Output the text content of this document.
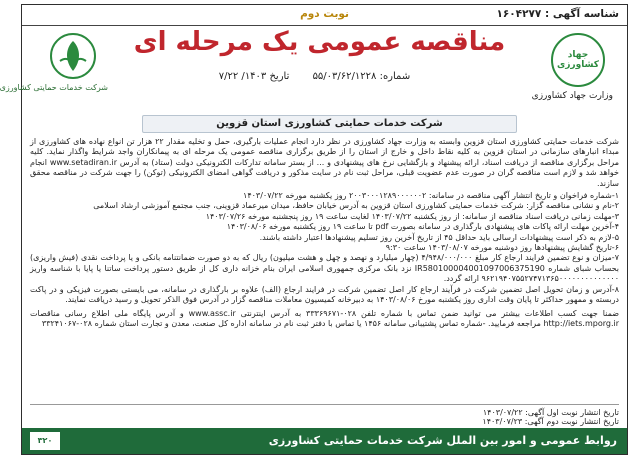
شناسه آگهی : ۱۶۰۴۲۷۷
نوبت دوم
جهاد کشاورزی
وزارت جهاد کشاورزی
مناقصه عمومی یک مرحله ای
شماره: ۵۵/۰۳/۶۲/۱۲۲۸ تاریخ ۱۴۰۳/ ۷/۲۲
شرکت خدمات حمایتی کشاورزی
شرکت خدمات حمایتی کشاورزی استان قزوین

شرکت خدمات حمایتی کشاورزی استان قزوین وابسته به وزارت جهاد کشاورزی در نظر دارد انجام عملیات بارگیری، حمل و تخلیه مقدار ۲۲ هزار تن انواع نهاده های کشاورزی از مبداء انبارهای سازمانی در استان قزوین به کلیه نقاط داخل و خارج از استان را از طریق برگزاری مناقصه عمومی یک مرحله ای به پیمانکاران واجد شرایط واگذار نماید. کلیه مراحل برگزاری مناقصه از دریافت اسناد، ارائه پیشنهاد و بازگشایی نرخ های پیشنهادی و ... از بستر سامانه تدارکات الکترونیکی دولت (ستاد) به آدرس www.setadiran.ir انجام خواهد شد و لازم است مناقصه گران در صورت عدم عضویت قبلی، مراحل ثبت نام در سایت مذکور و دریافت گواهی امضای الکترونیکی (توکن) را جهت شرکت در مناقصه محقق سازند.

۱-شماره فراخوان و تاریخ انتشار آگهی مناقصه در سامانه: ۲۰۰۳۰۰۰۱۲۸۹۰۰۰۰۰۰۲ روز یکشنبه مورخه ۱۴۰۳/۰۷/۲۲

۲-نام و نشانی مناقصه گزار: شرکت خدمات حمایتی کشاورزی استان قزوین به آدرس خیابان حافظ، میدان میرعماد قزوینی، جنب مجتمع آموزشی ارشاد اسلامی

۳-مهلت زمانی دریافت اسناد مناقصه از سامانه: از روز یکشنبه ۱۴۰۳/۰۷/۲۲ لغایت ساعت ۱۹ روز پنجشنبه مورخه ۱۴۰۳/۰۷/۲۶

۴-آخرین مهلت ارائه پاکات های پیشنهادی بارگذاری در سامانه بصورت pdf تا ساعت ۱۹ روز یکشنبه مورخه ۱۴۰۳/۰۸/۰۶

۵-لازم به ذکر است پیشنهادات ارسالی باید حداقل ۴۵ از تاریخ آخرین روز تسلیم پیشنهادها اعتبار داشته باشند.

۶-تاریخ گشایش پیشنهادها روز دوشنبه مورخه ۱۴۰۳/۰۸/۰۷ ساعت ۹:۳۰

۷-میزان و نوع تضمین فرایند ارجاع کار مبلغ ۴/۹۴۸/۰۰۰/۰۰۰ (چهار میلیارد و نهصد و چهل و هشت میلیون) ریال که به دو صورت ضمانتنامه بانکی و یا پرداخت نقدی (فیش واریزی) بحساب شبای شماره IR580100004001097006375190 نزد بانک مرکزی جمهوری اسلامی ایران بنام خزانه داری کل از طریق دستور پرداخت ساتنا یا پایا با شناسه واریز ۹۶۲۱۹۴۰۷۵۵۲۷۴۷۱۳۶۵۰۰۰۰۰۰۰۰۰۰۰۰۰۰ ارائه گردد.

۸-آدرس و زمان تحویل اصل تضمین شرکت در فرآیند ارجاع کار اصل تضمین شرکت در فرایند ارجاع (الف) علاوه بر بارگذاری در سامانه، می بایستی بصورت فیزیکی و در پاکت دربسته و ممهور حداکثر تا پایان وقت اداری روز یکشنبه مورخ ۱۴۰۳/۰۸/۰۶ به دبیرخانه کمیسیون معاملات مناقصه گزار در آدرس فوق الذکر تحویل و رسید دریافت نمایند.

ضمنا جهت کسب اطلاعات بیشتر می توانید ضمن تماس با شماره تلفن ۰۲۸-۳۳۳۶۹۶۷۱ به آدرس اینترنتی www.assc.ir و آدرس پایگاه ملی اطلاع رسانی مناقصات http://iets.mporg.ir مراجعه فرمایید. -شماره تماس پشتیبانی سامانه ۱۴۵۶ یا تماس با دفتر ثبت نام در سامانه اداره کل صنعت، معدن و تجارت استان شماره ۰۲۸-۳۳۲۴۱۰۶۷

تاریخ انتشار نوبت اول آگهی: ۱۴۰۳/۰۷/۲۲
تاریخ انتشار نوبت دوم آگهی: ۱۴۰۳/۰۷/۲۳
روابط عمومی و امور بین الملل شرکت خدمات حمایتی کشاورزی
۳۲۰
